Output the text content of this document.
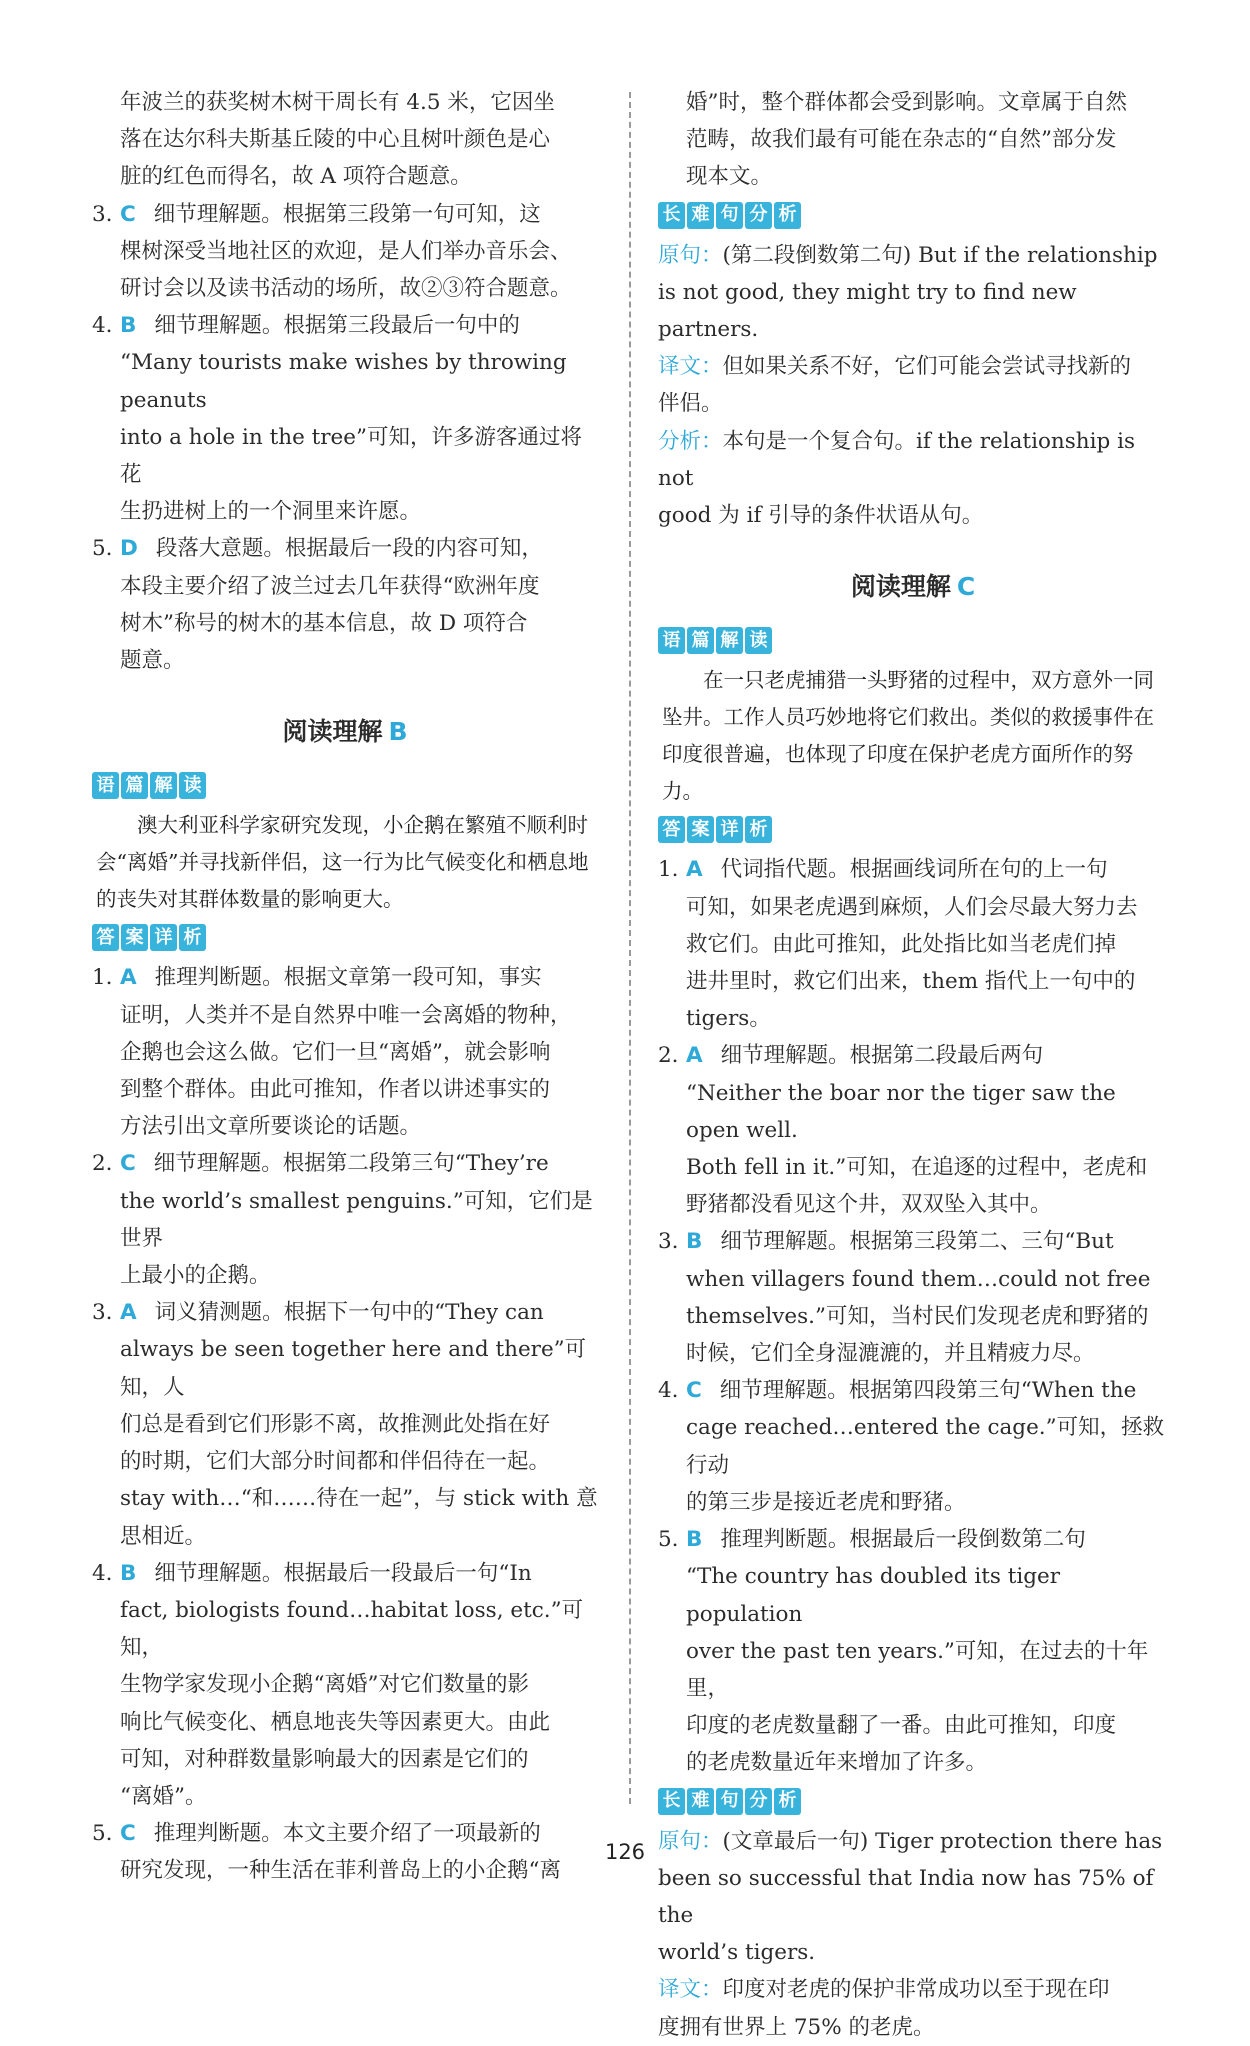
年波兰的获奖树木树干周长有 4.5 米，它因坐

落在达尔科夫斯基丘陵的中心且树叶颜色是心

脏的红色而得名，故 A 项符合题意。

3. C 细节理解题。根据第三段第一句可知，这

棵树深受当地社区的欢迎，是人们举办音乐会、

研讨会以及读书活动的场所，故②③符合题意。

4. B 细节理解题。根据第三段最后一句中的

“Many tourists make wishes by throwing peanuts

into a hole in the tree”可知，许多游客通过将花

生扔进树上的一个洞里来许愿。

5. D 段落大意题。根据最后一段的内容可知，

本段主要介绍了波兰过去几年获得“欧洲年度

树木”称号的树木的基本信息，故 D 项符合

题意。

阅读理解 B
语 篇 解 读

澳大利亚科学家研究发现，小企鹅在繁殖不顺利时会“离婚”并寻找新伴侣，这一行为比气候变化和栖息地的丧失对其群体数量的影响更大。

答 案 详 析

1. A 推理判断题。根据文章第一段可知，事实

证明，人类并不是自然界中唯一会离婚的物种，

企鹅也会这么做。它们一旦“离婚”，就会影响

到整个群体。由此可推知，作者以讲述事实的

方法引出文章所要谈论的话题。

2. C 细节理解题。根据第二段第三句“They’re

the world’s smallest penguins.”可知，它们是世界

上最小的企鹅。

3. A 词义猜测题。根据下一句中的“They can

always be seen together here and there”可知，人

们总是看到它们形影不离，故推测此处指在好

的时期，它们大部分时间都和伴侣待在一起。

stay with…“和……待在一起”，与 stick with 意

思相近。

4. B 细节理解题。根据最后一段最后一句“In

fact, biologists found…habitat loss, etc.”可知，

生物学家发现小企鹅“离婚”对它们数量的影

响比气候变化、栖息地丧失等因素更大。由此

可知，对种群数量影响最大的因素是它们的

“离婚”。

5. C 推理判断题。本文主要介绍了一项最新的

研究发现，一种生活在菲利普岛上的小企鹅“离

婚”时，整个群体都会受到影响。文章属于自然

范畴，故我们最有可能在杂志的“自然”部分发

现本文。

长 难 句 分 析

原句：(第二段倒数第二句) But if the relationship

is not good, they might try to find new partners.

译文：但如果关系不好，它们可能会尝试寻找新的

伴侣。

分析：本句是一个复合句。if the relationship is not

good 为 if 引导的条件状语从句。

阅读理解 C
语 篇 解 读

在一只老虎捕猎一头野猪的过程中，双方意外一同坠井。工作人员巧妙地将它们救出。类似的救援事件在印度很普遍，也体现了印度在保护老虎方面所作的努力。

答 案 详 析

1. A 代词指代题。根据画线词所在句的上一句

可知，如果老虎遇到麻烦，人们会尽最大努力去

救它们。由此可推知，此处指比如当老虎们掉

进井里时，救它们出来，them 指代上一句中的

tigers。

2. A 细节理解题。根据第二段最后两句

“Neither the boar nor the tiger saw the open well.

Both fell in it.”可知，在追逐的过程中，老虎和

野猪都没看见这个井，双双坠入其中。

3. B 细节理解题。根据第三段第二、三句“But

when villagers found them…could not free

themselves.”可知，当村民们发现老虎和野猪的

时候，它们全身湿漉漉的，并且精疲力尽。

4. C 细节理解题。根据第四段第三句“When the

cage reached…entered the cage.”可知，拯救行动

的第三步是接近老虎和野猪。

5. B 推理判断题。根据最后一段倒数第二句

“The country has doubled its tiger population

over the past ten years.”可知，在过去的十年里，

印度的老虎数量翻了一番。由此可推知，印度

的老虎数量近年来增加了许多。

长 难 句 分 析

原句：(文章最后一句) Tiger protection there has

been so successful that India now has 75% of the

world’s tigers.

译文：印度对老虎的保护非常成功以至于现在印

度拥有世界上 75% 的老虎。

126
